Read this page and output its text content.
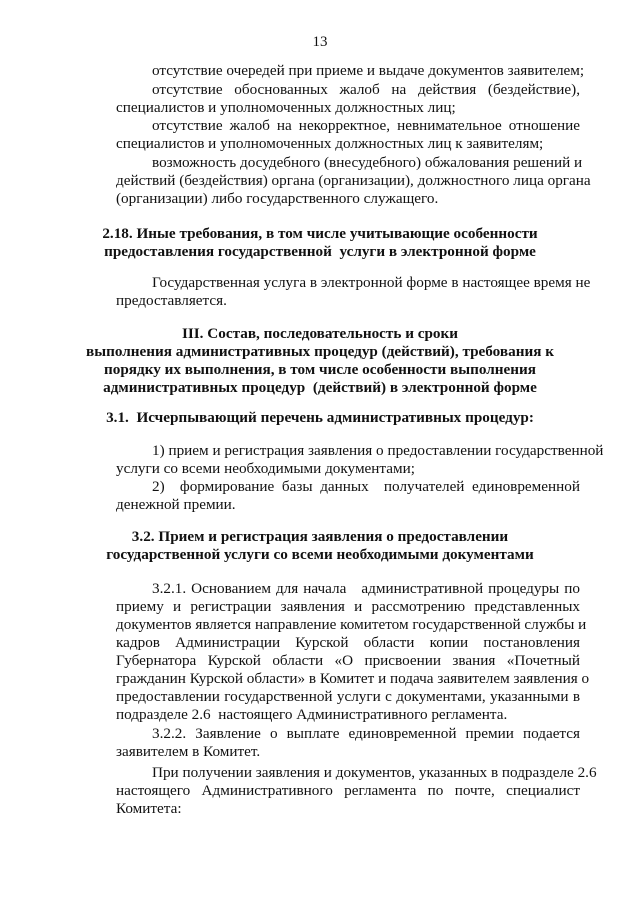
13
отсутствие очередей при приеме и выдаче документов заявителем;
отсутствие обоснованных жалоб на действия (бездействие),
специалистов и уполномоченных должностных лиц;
отсутствие жалоб на некорректное, невнимательное отношение
специалистов и уполномоченных должностных лиц к заявителям;
возможность досудебного (внесудебного) обжалования решений и
действий (бездействия) органа (организации), должностного лица органа
(организации) либо государственного служащего.
2.18. Иные требования, в том числе учитывающие особенности
предоставления государственной  услуги в электронной форме
Государственная услуга в электронной форме в настоящее время не
предоставляется.
III. Состав, последовательность и сроки
выполнения административных процедур (действий), требования к
порядку их выполнения, в том числе особенности выполнения
административных процедур  (действий) в электронной форме
3.1.  Исчерпывающий перечень административных процедур:
1) прием и регистрация заявления о предоставлении государственной
услуги со всеми необходимыми документами;
2)    формирование  базы  данных    получателей  единовременной
денежной премии.
3.2. Прием и регистрация заявления о предоставлении
государственной услуги со всеми необходимыми документами
3.2.1. Основанием для начала   административной процедуры по
приему и регистрации заявления и рассмотрению представленных
документов является направление комитетом государственной службы и
кадров Администрации Курской области копии постановления
Губернатора Курской области «О присвоении звания «Почетный
гражданин Курской области» в Комитет и подача заявителем заявления о
предоставлении государственной услуги с документами, указанными в
подразделе 2.6  настоящего Административного регламента.
3.2.2. Заявление о выплате единовременной премии подается
заявителем в Комитет.
При получении заявления и документов, указанных в подразделе 2.6
настоящего Административного регламента по почте, специалист
Комитета:
